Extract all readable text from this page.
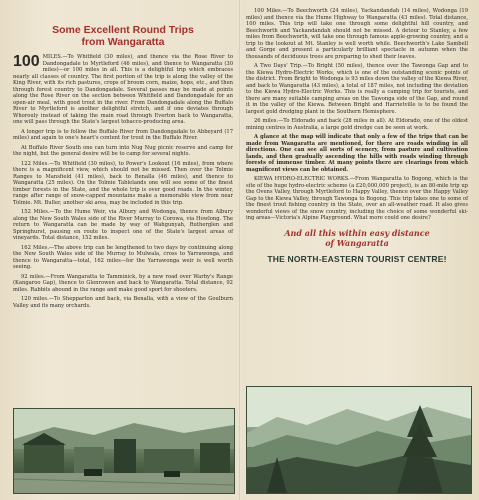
Some Excellent Round Trips
from Wangaratta

100 MILES.—To Whitfield (30 miles), and thence via the Rose River to Dandongadale to Myrtleford (46 miles), and thence to Wangaratta (30 miles)—or 100 miles in all. This is a delightful trip which embraces nearly all classes of country. The first portion of the trip is along the valley of the King River, with its rich pastures, crops of broom corn, maize, hops, etc., and then through forest country to Dandongadale. Several passes may be made at points along the Rose River on the section between Whitfield and Dandongadale for an open-air meal, with good trout in the river. From Dandongadale along the Buffalo River to Myrtleford is another delightful stretch, and if one deviates through Whorouly instead of taking the main road through Everton back to Wangaratta, one will pass through the State's largest tobacco-producing area.

A longer trip is to follow the Buffalo River from Dandongadale to Abbeyard (17 miles) and again to one's heart's content for trout in the Buffalo River.

At Buffalo River South one can turn into Nug Nug picnic reserve and camp for the night, but the general desire will be to camp for several nights.

122 Miles.—To Whitfield (30 miles), to Power's Lookout (16 miles), from where there is a magnificent view, which should not be missed. Then over the Tolmie Ranges to Mansfield (41 miles), back to Benalla (46 miles), and thence to Wangaratta (25 miles). On the Tolmie Tablelands one will see some of the finest timber forests in the State, and the whole trip is over good roads. In the winter, range after range of snow-capped mountains make a memorable view from near Tolmie. Mt. Buller, another ski area, may be included in this trip.

152 Miles.—To the Hume Weir, via Albury and Wodonga, thence from Albury along the New South Wales side of the River Murray to Corowa, via Howlong. The return to Wangaratta can be made by way of Wahgunyah, Rutherglen and Springhurst, pausing en route to inspect one of the State's largest areas of vineyards. Total distance, 152 miles.

162 Miles.—The above trip can be lengthened to two days by continuing along the New South Wales side of the Murray to Mulwala, cross to Yarrawonga, and thence to Wangaratta—total, 162 miles—for the Yarrawonga weir is well worth seeing.

92 miles.—From Wangaratta to Tamminick, by a new road over Warby's Range (Kangaroo Gap), thence to Glenrowen and back to Wangaratta. Total distance, 92 miles. Rabbits abound in the range and make good sport for shooters.

120 miles.—To Shepparton and back, via Benalla, with a view of the Goulburn Valley and its many orchards.

100 Miles.—To Beechworth (24 miles), Yackandandah (14 miles), Wodonga (19 miles) and thence via the Hume Highway to Wangaratta (43 miles). Total distance, 100 miles. This trip will take one through some delightful hill country, and Beechworth and Yackandandah should not be missed. A detour to Stanley, a few miles from Beechworth, will take one through famous apple-growing country, and a trip to the lookout at Mt. Stanley is well worth while. Beechworth's Lake Sambell and Gorge and present a particularly brilliant spectacle in autumn when the thousands of deciduous trees are preparing to shed their leaves.

A Two Days' Trip.—To Bright (50 miles), thence over the Tawonga Gap and to the Kiewa Hydro-Electric Works, which is one of the outstanding scenic points of the district. From Bright to Wodonga is 93 miles down the valley of the Kiewa River, and back to Wangaratta (43 miles), a total of 187 miles, not including the deviation to the Kiewa Hydro-Electric Works. This is really a camping trip for tourists, and there are many suitable camping areas on the Tawonga side of the Gap, and round it in the valley of the Kiewa. Between Bright and Harrietville is to be found the largest gold dredging plant in the Southern Hemisphere.

26 miles.—To Eldorado and back (28 miles in all). At Eldorado, one of the oldest mining centres in Australia, a large gold dredge can be seen at work.

A glance at the map will indicate that only a few of the trips that can be made from Wangaratta are mentioned, for there are roads winding in all directions. One can see all sorts of scenery, from pasture and cultivation lands, and then gradually ascending the hills with roads winding through forests of immense timber. At many points there are clearings from which magnificent views can be obtained.

KIEWA HYDRO-ELECTRIC WORKS.—From Wangaratta to Bogong, which is the site of the huge hydro-electric scheme (a £20,000,000 project), is an 80-mile trip up the Ovens Valley, through Myrtleford to Happy Valley, thence over the Happy Valley Gap to the Kiewa Valley, through Tawonga to Bogong. This trip takes one to some of the finest trout fishing country in the State, over an all-weather road. It also gives wonderful views of the snow country, including the choice of some wonderful ski-ing areas—Victoria's Alpine Playground. What more could one desire?

And all this within easy distance
of Wangaratta
THE NORTH-EASTERN TOURIST CENTRE!
